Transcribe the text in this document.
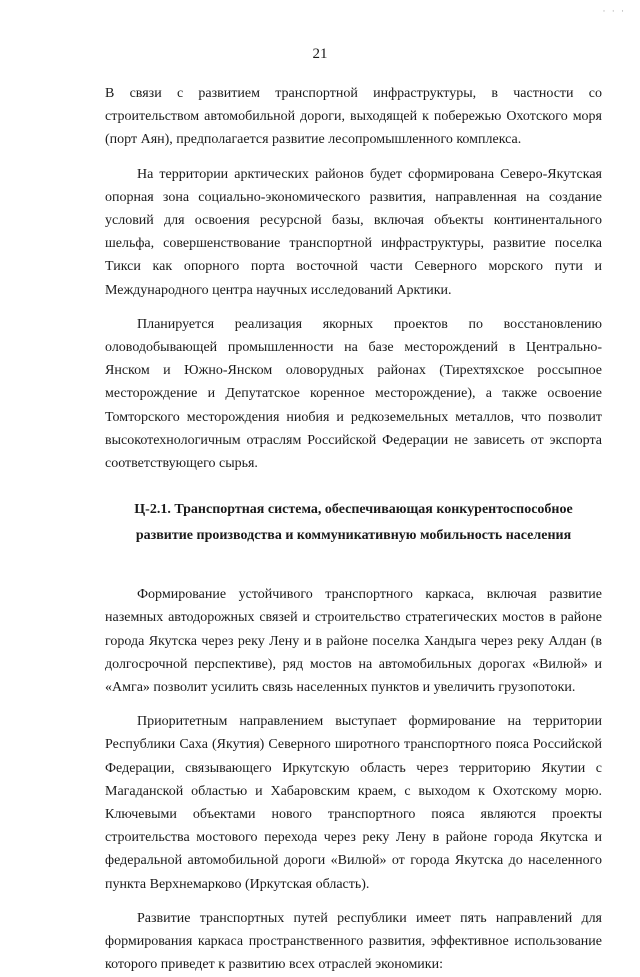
· · ·
21

В связи с развитием транспортной инфраструктуры, в частности со строительством автомобильной дороги, выходящей к побережью Охотского моря (порт Аян), предполагается развитие лесопромышленного комплекса.

На территории арктических районов будет сформирована Северо-Якутская опорная зона социально-экономического развития, направленная на создание условий для освоения ресурсной базы, включая объекты континентального шельфа, совершенствование транспортной инфраструктуры, развитие поселка Тикси как опорного порта восточной части Северного морского пути и Международного центра научных исследований Арктики.

Планируется реализация якорных проектов по восстановлению оловодобывающей промышленности на базе месторождений в Центрально-Янском и Южно-Янском оловорудных районах (Тирехтяхское россыпное месторождение и Депутатское коренное месторождение), а также освоение Томторского месторождения ниобия и редкоземельных металлов, что позволит высокотехнологичным отраслям Российской Федерации не зависеть от экспорта соответствующего сырья.

Ц-2.1. Транспортная система, обеспечивающая конкурентоспособное развитие производства и коммуникативную мобильность населения

Формирование устойчивого транспортного каркаса, включая развитие наземных автодорожных связей и строительство стратегических мостов в районе города Якутска через реку Лену и в районе поселка Хандыга через реку Алдан (в долгосрочной перспективе), ряд мостов на автомобильных дорогах «Вилюй» и «Амга» позволит усилить связь населенных пунктов и увеличить грузопотоки.

Приоритетным направлением выступает формирование на территории Республики Саха (Якутия) Северного широтного транспортного пояса Российской Федерации, связывающего Иркутскую область через территорию Якутии с Магаданской областью и Хабаровским краем, с выходом к Охотскому морю. Ключевыми объектами нового транспортного пояса являются проекты строительства мостового перехода через реку Лену в районе города Якутска и федеральной автомобильной дороги «Вилюй» от города Якутска до населенного пункта Верхнемарково (Иркутская область).

Развитие транспортных путей республики имеет пять направлений для формирования каркаса пространственного развития, эффективное использование которого приведет к развитию всех отраслей экономики:
